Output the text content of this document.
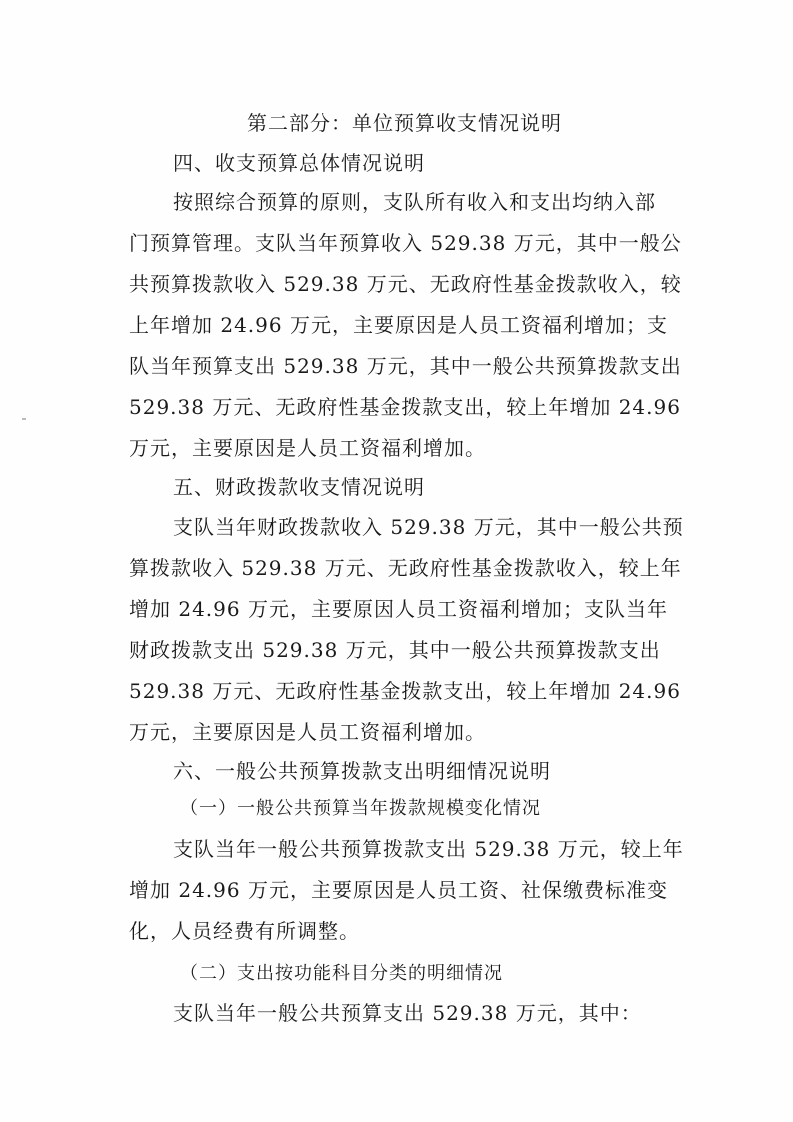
第二部分：单位预算收支情况说明
四、收支预算总体情况说明
按照综合预算的原则，支队所有收入和支出均纳入部
门预算管理。支队当年预算收入 529.38 万元，其中一般公
共预算拨款收入 529.38 万元、无政府性基金拨款收入，较
上年增加 24.96 万元，主要原因是人员工资福利增加；支
队当年预算支出 529.38 万元，其中一般公共预算拨款支出
529.38 万元、无政府性基金拨款支出，较上年增加 24.96
万元，主要原因是人员工资福利增加。
五、财政拨款收支情况说明
支队当年财政拨款收入 529.38 万元，其中一般公共预
算拨款收入 529.38 万元、无政府性基金拨款收入，较上年
增加 24.96 万元，主要原因人员工资福利增加；支队当年
财政拨款支出 529.38 万元，其中一般公共预算拨款支出
529.38 万元、无政府性基金拨款支出，较上年增加 24.96
万元，主要原因是人员工资福利增加。
六、一般公共预算拨款支出明细情况说明
（一）一般公共预算当年拨款规模变化情况
支队当年一般公共预算拨款支出 529.38 万元，较上年
增加 24.96 万元，主要原因是人员工资、社保缴费标准变
化，人员经费有所调整。
（二）支出按功能科目分类的明细情况
支队当年一般公共预算支出 529.38 万元，其中：
